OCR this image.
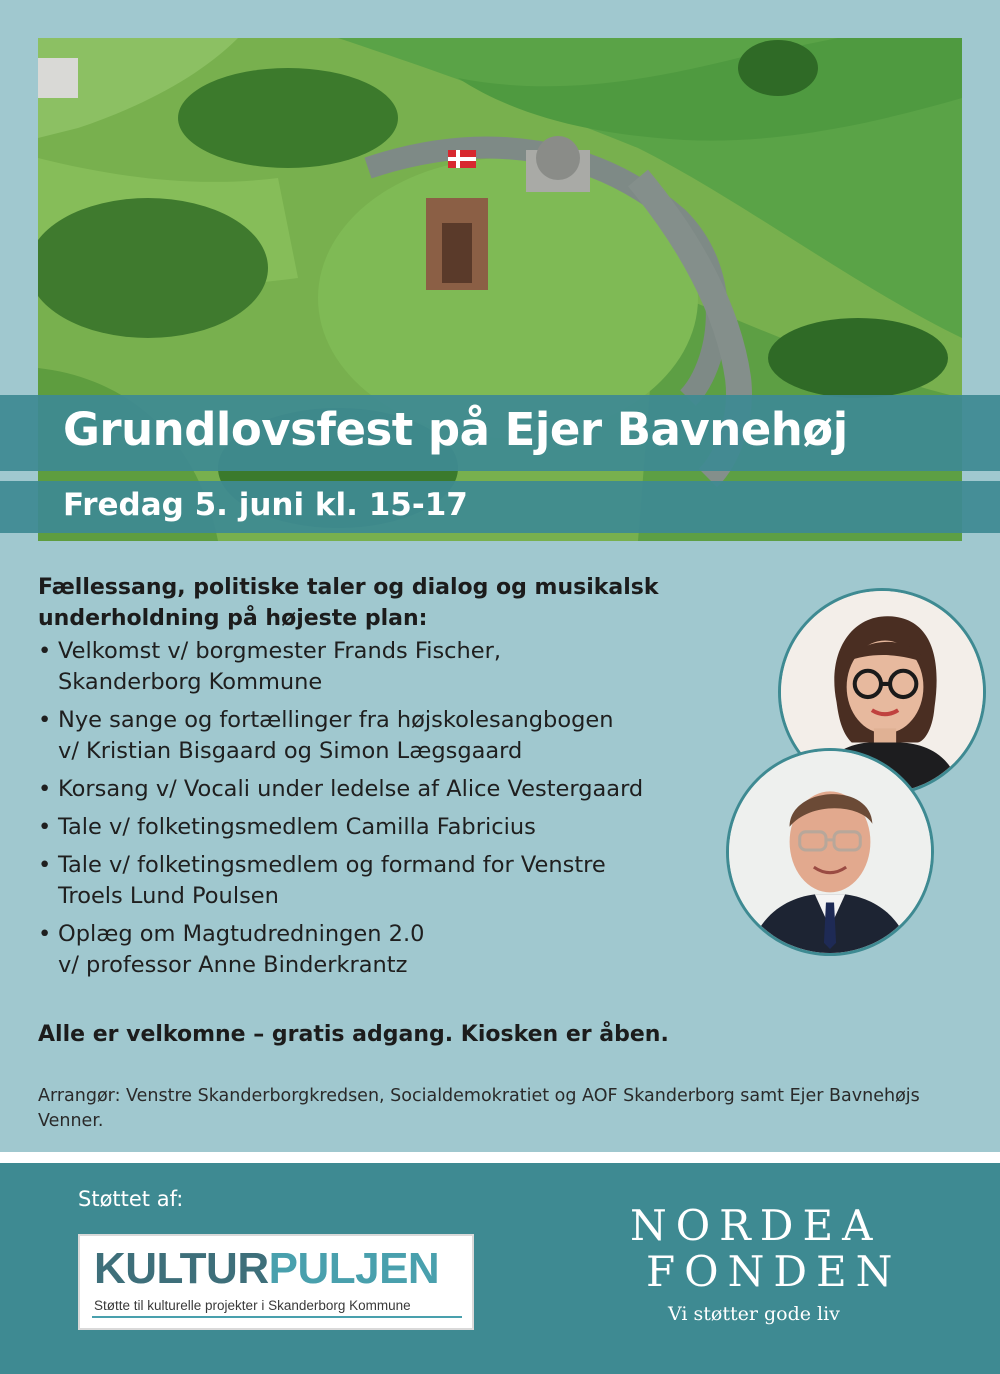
Grundlovsfest på Ejer Bavnehøj
Fredag 5. juni kl. 15-17

Fællessang, politiske taler og dialog og musikalsk underholdning på højeste plan:

• Velkomst v/ borgmester Frands Fischer,
Skanderborg Kommune
• Nye sange og fortællinger fra højskolesangbogen
v/ Kristian Bisgaard og Simon Lægsgaard
• Korsang v/ Vocali under ledelse af Alice Vestergaard
• Tale v/ folketingsmedlem Camilla Fabricius
• Tale v/ folketingsmedlem og formand for Venstre
Troels Lund Poulsen
• Oplæg om Magtudredningen 2.0
v/ professor Anne Binderkrantz

Alle er velkomne – gratis adgang. Kiosken er åben.

Arrangør: Venstre Skanderborgkredsen, Socialdemokratiet og AOF Skanderborg samt Ejer Bavnehøjs Venner.

Støttet af:

KULTURPULJEN
Støtte til kulturelle projekter i Skanderborg Kommune
NORDEA
FONDEN
Vi støtter gode liv
